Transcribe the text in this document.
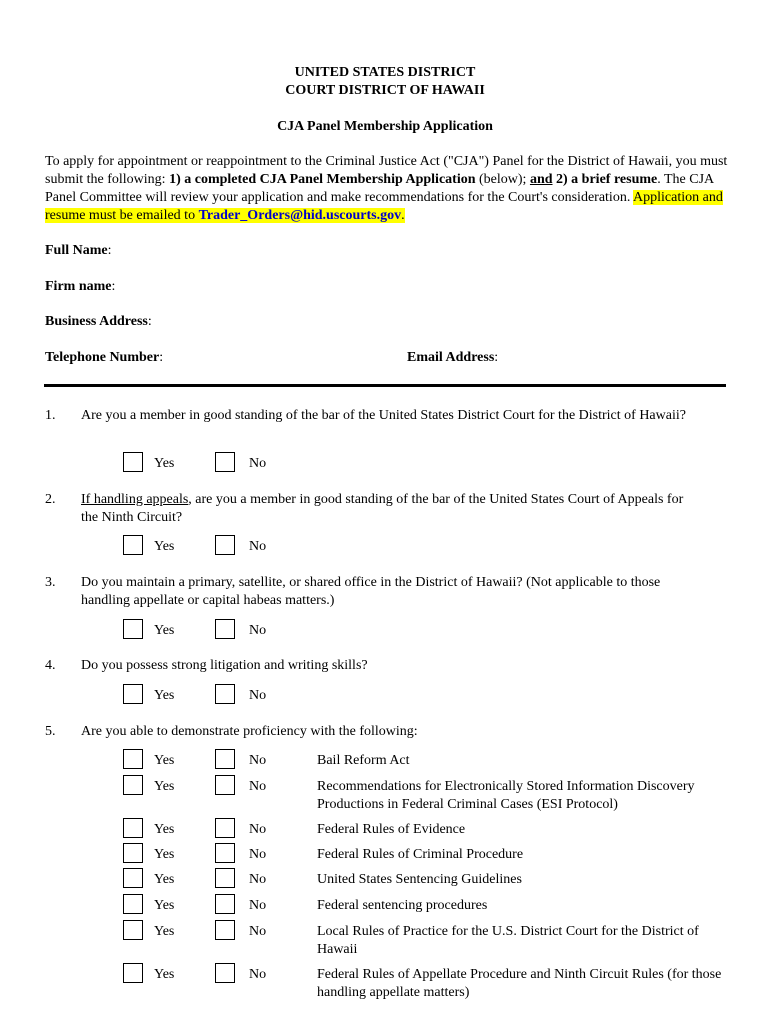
UNITED STATES DISTRICT
COURT DISTRICT OF HAWAII
CJA Panel Membership Application
To apply for appointment or reappointment to the Criminal Justice Act ("CJA") Panel for the District of Hawaii, you must submit the following: 1) a completed CJA Panel Membership Application (below); and 2) a brief resume. The CJA Panel Committee will review your application and make recommendations for the Court's consideration. Application and resume must be emailed to Trader_Orders@hid.uscourts.gov.
Full Name:
Firm name:
Business Address:
Telephone Number:	Email Address:
1. Are you a member in good standing of the bar of the United States District Court for the District of Hawaii?
Yes	No
2. If handling appeals, are you a member in good standing of the bar of the United States Court of Appeals for the Ninth Circuit?
Yes	No
3. Do you maintain a primary, satellite, or shared office in the District of Hawaii? (Not applicable to those handling appellate or capital habeas matters.)
Yes	No
4. Do you possess strong litigation and writing skills?
Yes	No
5. Are you able to demonstrate proficiency with the following:
Yes	No	Bail Reform Act
Yes	No	Recommendations for Electronically Stored Information Discovery Productions in Federal Criminal Cases (ESI Protocol)
Yes	No	Federal Rules of Evidence
Yes	No	Federal Rules of Criminal Procedure
Yes	No	United States Sentencing Guidelines
Yes	No	Federal sentencing procedures
Yes	No	Local Rules of Practice for the U.S. District Court for the District of Hawaii
Yes	No	Federal Rules of Appellate Procedure and Ninth Circuit Rules (for those handling appellate matters)
